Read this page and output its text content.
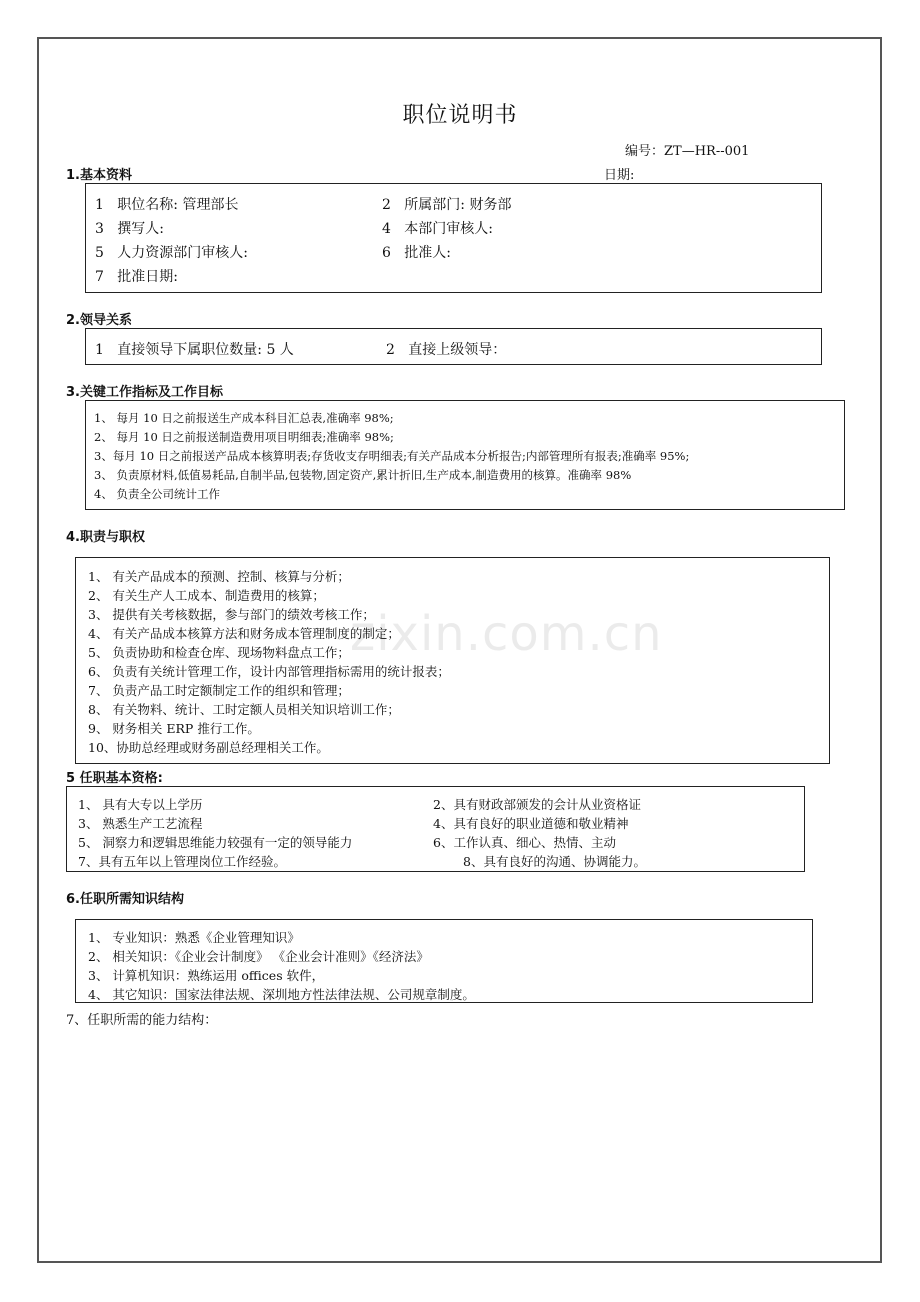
职位说明书
编号：ZT—HR--001
日期:
1.基本资料
1 职位名称: 管理部长	2 所属部门: 财务部
3 撰写人:	4 本部门审核人:
5 人力资源部门审核人:	6 批准人:
7 批准日期:
2.领导关系
1 直接领导下属职位数量: 5 人	2 直接上级领导：
3.关键工作指标及工作目标
1、 每月 10 日之前报送生产成本科目汇总表,准确率 98%;
2、 每月 10 日之前报送制造费用项目明细表;准确率 98%;
3、每月 10 日之前报送产品成本核算明表;存货收支存明细表;有关产品成本分析报告;内部管理所有报表;准确率 95%;
3、 负责原材料,低值易耗品,自制半品,包装物,固定资产,累计折旧,生产成本,制造费用的核算。准确率 98%
4、 负责全公司统计工作
4.职责与职权
1、 有关产品成本的预测、控制、核算与分析；
2、 有关生产人工成本、制造费用的核算；
3、 提供有关考核数据，参与部门的绩效考核工作；
4、 有关产品成本核算方法和财务成本管理制度的制定；
5、 负责协助和检查仓库、现场物料盘点工作；
6、 负责有关统计管理工作，设计内部管理指标需用的统计报表；
7、 负责产品工时定额制定工作的组织和管理；
8、 有关物料、统计、工时定额人员相关知识培训工作；
9、 财务相关 ERP 推行工作。
10、协助总经理或财务副总经理相关工作。
zixin.com.cn
5 任职基本资格:
1、 具有大专以上学历	2、具有财政部颁发的会计从业资格证
3、 熟悉生产工艺流程	4、具有良好的职业道德和敬业精神
5、 洞察力和逻辑思维能力较强有一定的领导能力	6、工作认真、细心、热情、主动
7、具有五年以上管理岗位工作经验。	8、具有良好的沟通、协调能力。
6.任职所需知识结构
1、 专业知识：熟悉《企业管理知识》
2、 相关知识：《企业会计制度》 《企业会计准则》《经济法》
3、 计算机知识：熟练运用 offices 软件，
4、 其它知识：国家法律法规、深圳地方性法律法规、公司规章制度。
7、任职所需的能力结构：
